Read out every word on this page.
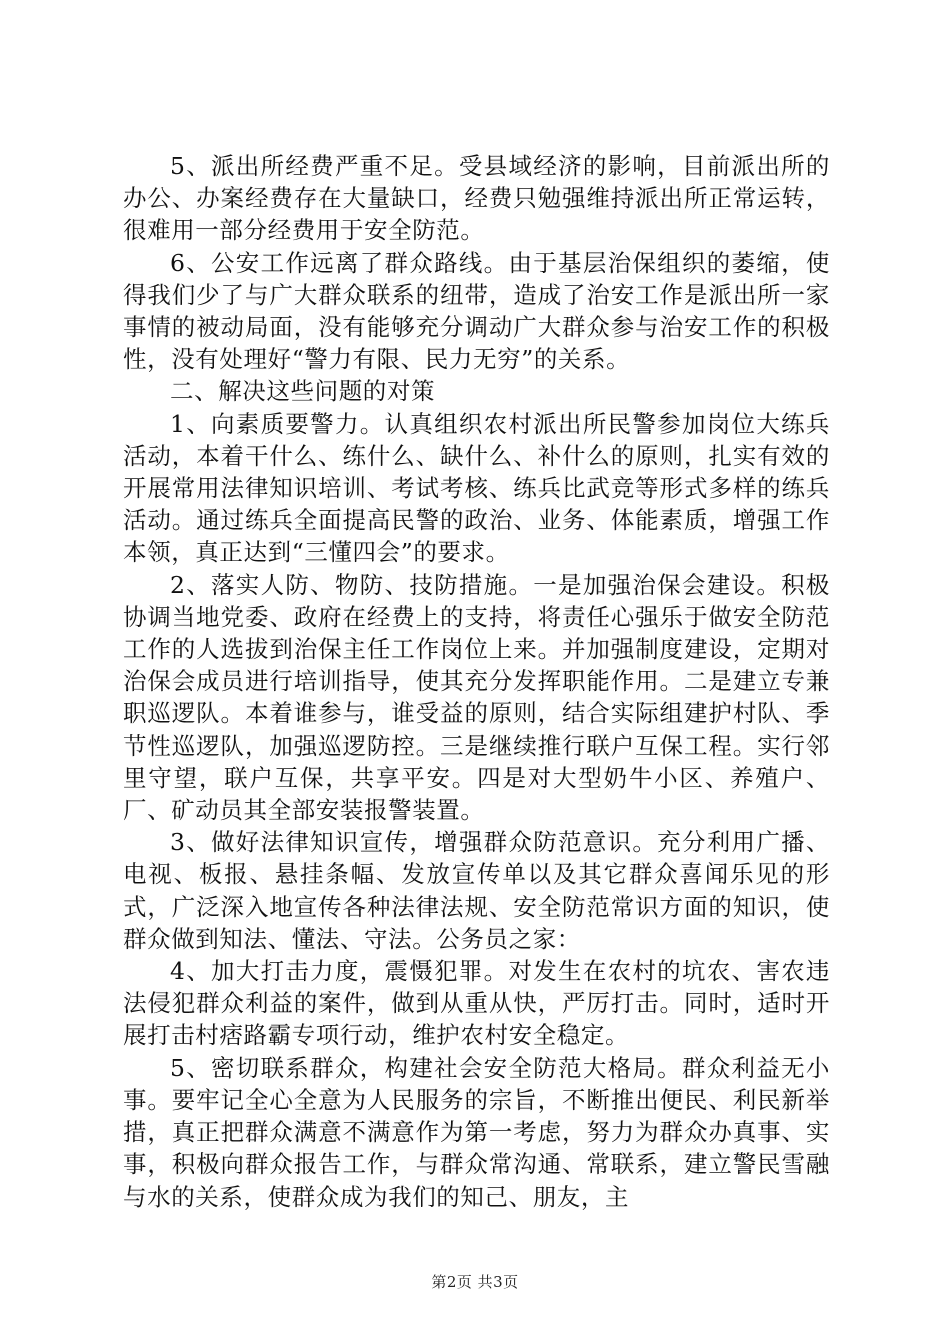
5、派出所经费严重不足。受县域经济的影响，目前派出所的办公、办案经费存在大量缺口，经费只勉强维持派出所正常运转，很难用一部分经费用于安全防范。

6、公安工作远离了群众路线。由于基层治保组织的萎缩，使得我们少了与广大群众联系的纽带，造成了治安工作是派出所一家事情的被动局面，没有能够充分调动广大群众参与治安工作的积极性，没有处理好“警力有限、民力无穷”的关系。

二、解决这些问题的对策

1、向素质要警力。认真组织农村派出所民警参加岗位大练兵活动，本着干什么、练什么、缺什么、补什么的原则，扎实有效的开展常用法律知识培训、考试考核、练兵比武竞等形式多样的练兵活动。通过练兵全面提高民警的政治、业务、体能素质，增强工作本领，真正达到“三懂四会”的要求。

2、落实人防、物防、技防措施。一是加强治保会建设。积极协调当地党委、政府在经费上的支持，将责任心强乐于做安全防范工作的人选拔到治保主任工作岗位上来。并加强制度建设，定期对治保会成员进行培训指导，使其充分发挥职能作用。二是建立专兼职巡逻队。本着谁参与，谁受益的原则，结合实际组建护村队、季节性巡逻队，加强巡逻防控。三是继续推行联户互保工程。实行邻里守望，联户互保，共享平安。四是对大型奶牛小区、养殖户、厂、矿动员其全部安装报警装置。

3、做好法律知识宣传，增强群众防范意识。充分利用广播、电视、板报、悬挂条幅、发放宣传单以及其它群众喜闻乐见的形式，广泛深入地宣传各种法律法规、安全防范常识方面的知识，使群众做到知法、懂法、守法。公务员之家：

4、加大打击力度，震慑犯罪。对发生在农村的坑农、害农违法侵犯群众利益的案件，做到从重从快，严厉打击。同时，适时开展打击村痞路霸专项行动，维护农村安全稳定。

5、密切联系群众，构建社会安全防范大格局。群众利益无小事。要牢记全心全意为人民服务的宗旨，不断推出便民、利民新举措，真正把群众满意不满意作为第一考虑，努力为群众办真事、实事，积极向群众报告工作，与群众常沟通、常联系，建立警民雪融与水的关系，使群众成为我们的知己、朋友，主

第2页 共3页
